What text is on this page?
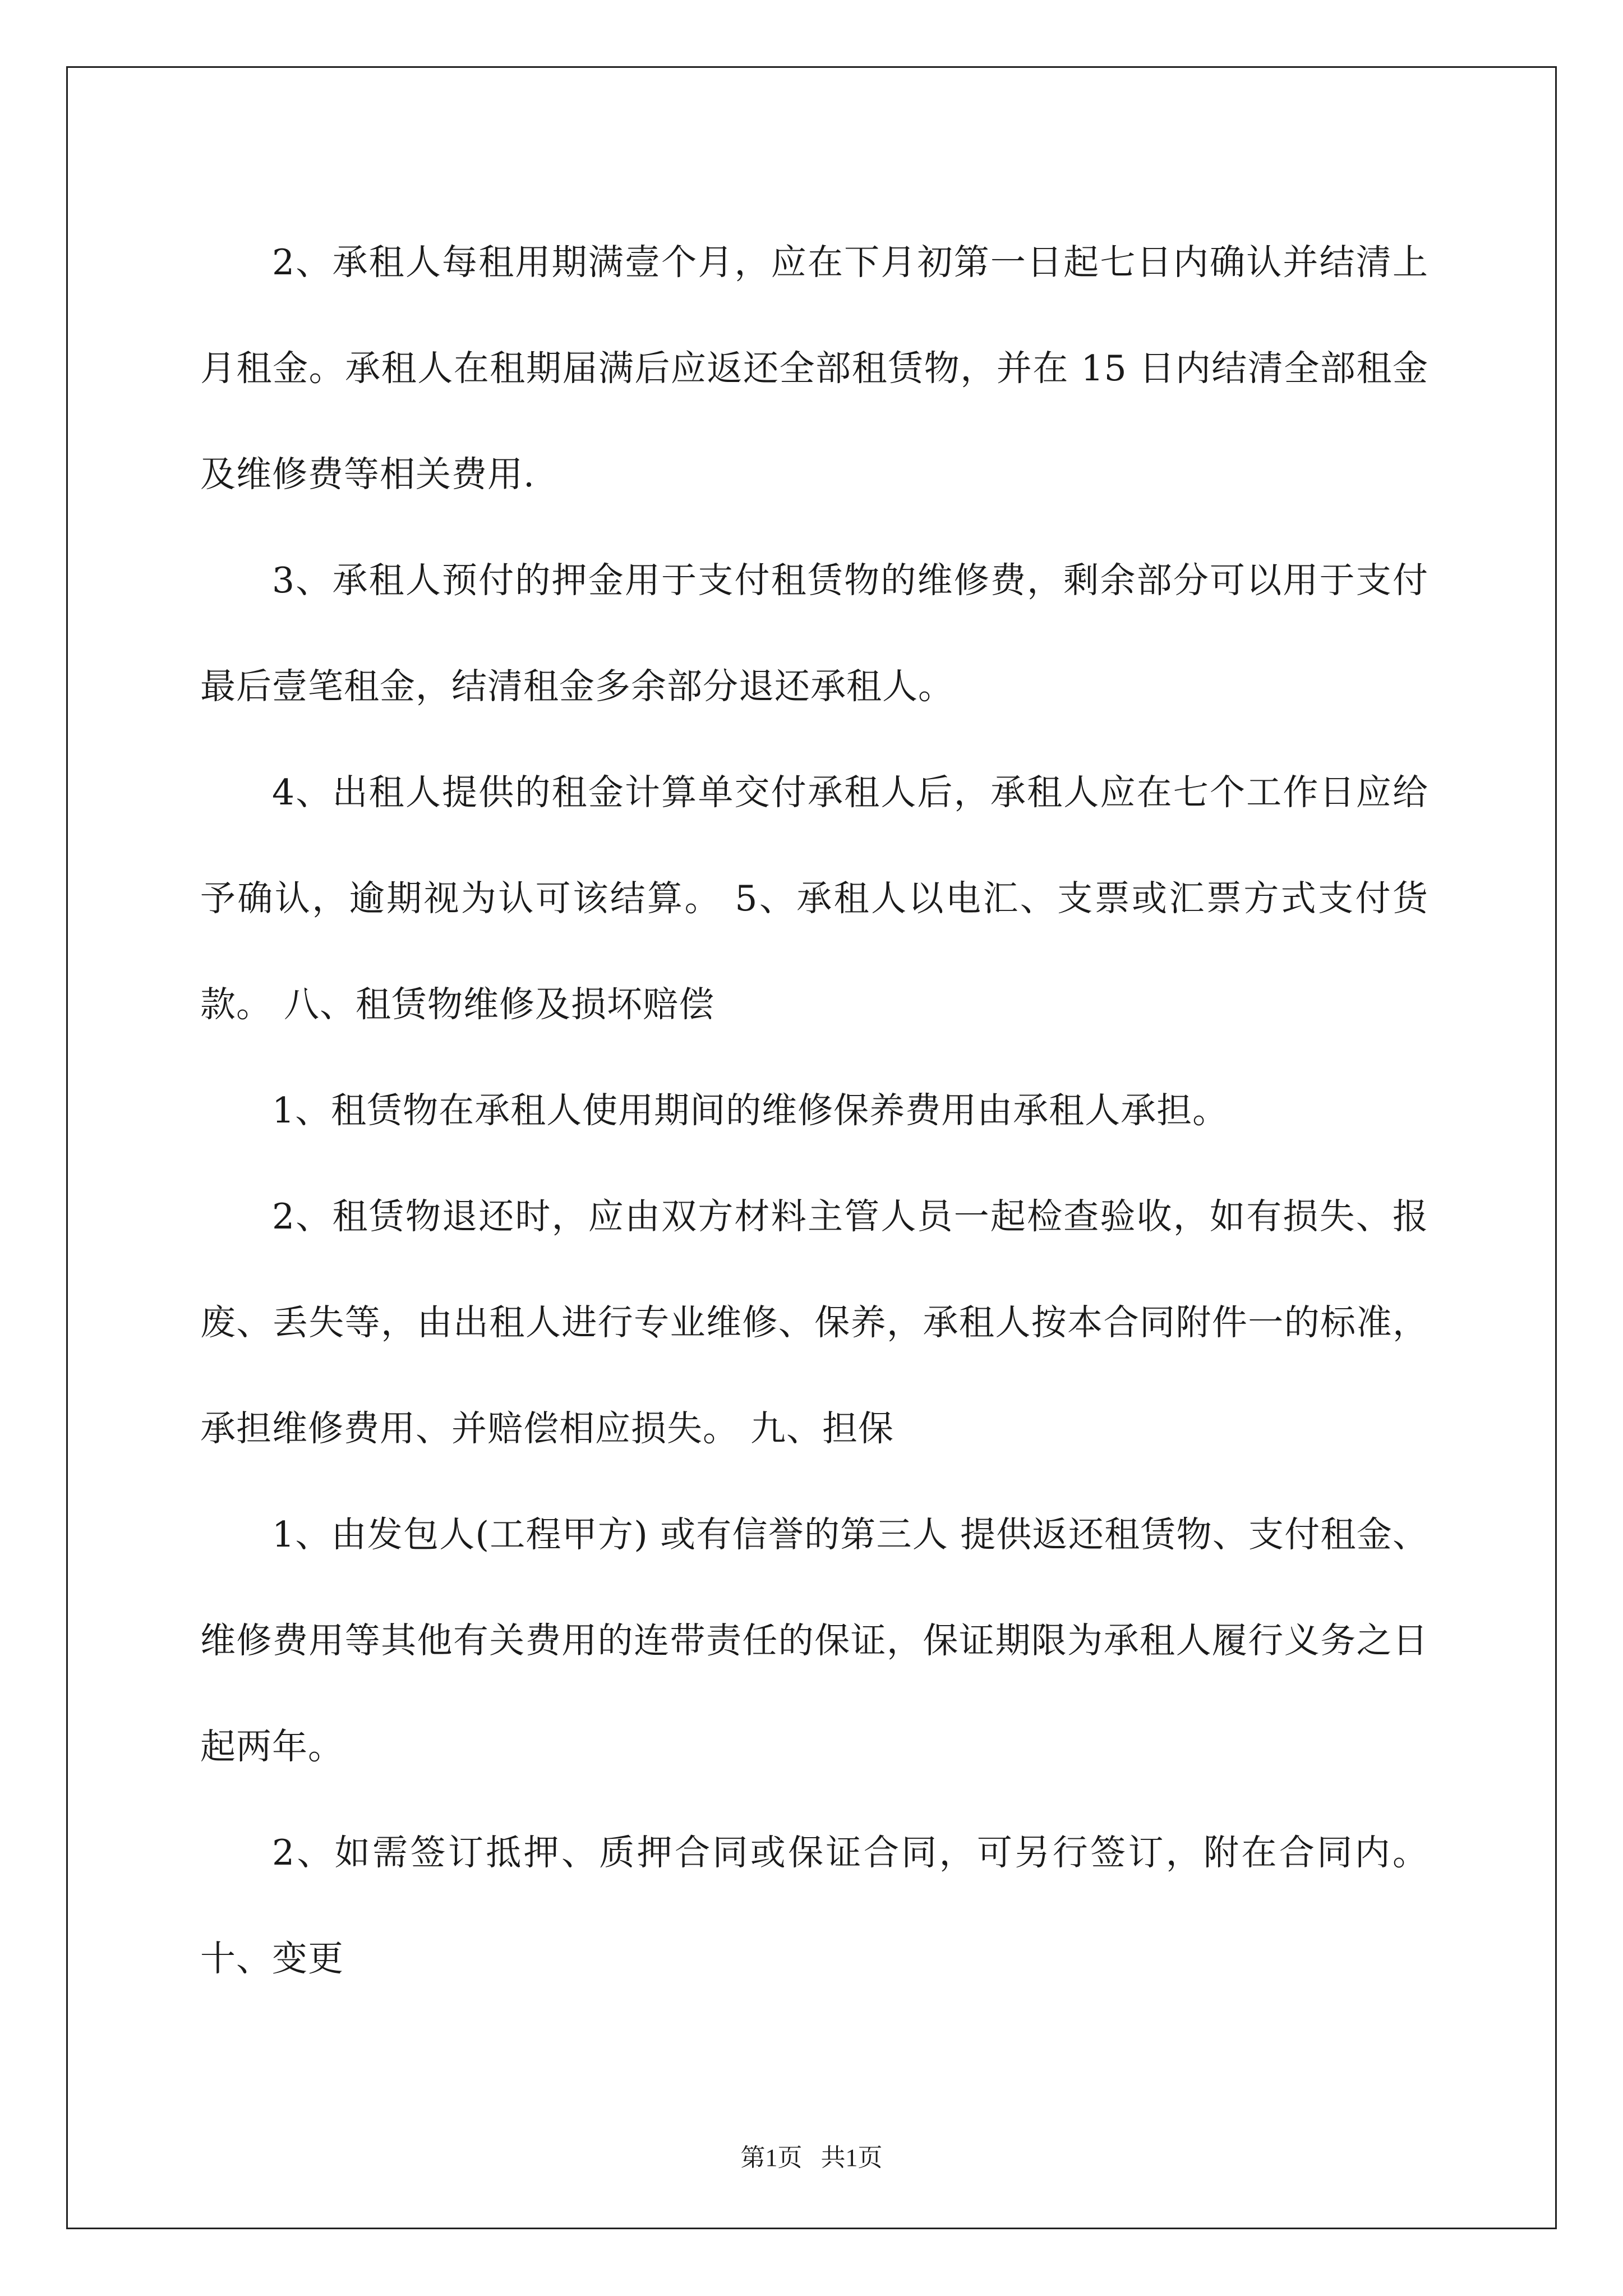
2、承租人每租用期满壹个月，应在下月初第一日起七日内确认并结清上月租金。承租人在租期届满后应返还全部租赁物，并在 15 日内结清全部租金及维修费等相关费用.

3、承租人预付的押金用于支付租赁物的维修费，剩余部分可以用于支付最后壹笔租金，结清租金多余部分退还承租人。

4、出租人提供的租金计算单交付承租人后，承租人应在七个工作日应给予确认，逾期视为认可该结算。 5、承租人以电汇、支票或汇票方式支付货款。 八、租赁物维修及损坏赔偿

1、租赁物在承租人使用期间的维修保养费用由承租人承担。

2、租赁物退还时，应由双方材料主管人员一起检查验收，如有损失、报废、丢失等，由出租人进行专业维修、保养，承租人按本合同附件一的标准，承担维修费用、并赔偿相应损失。 九、担保

1、由发包人(工程甲方) 或有信誉的第三人 提供返还租赁物、支付租金、维修费用等其他有关费用的连带责任的保证，保证期限为承租人履行义务之日起两年。

2、如需签订抵押、质押合同或保证合同，可另行签订，附在合同内。 十、变更

第1页 共1页
